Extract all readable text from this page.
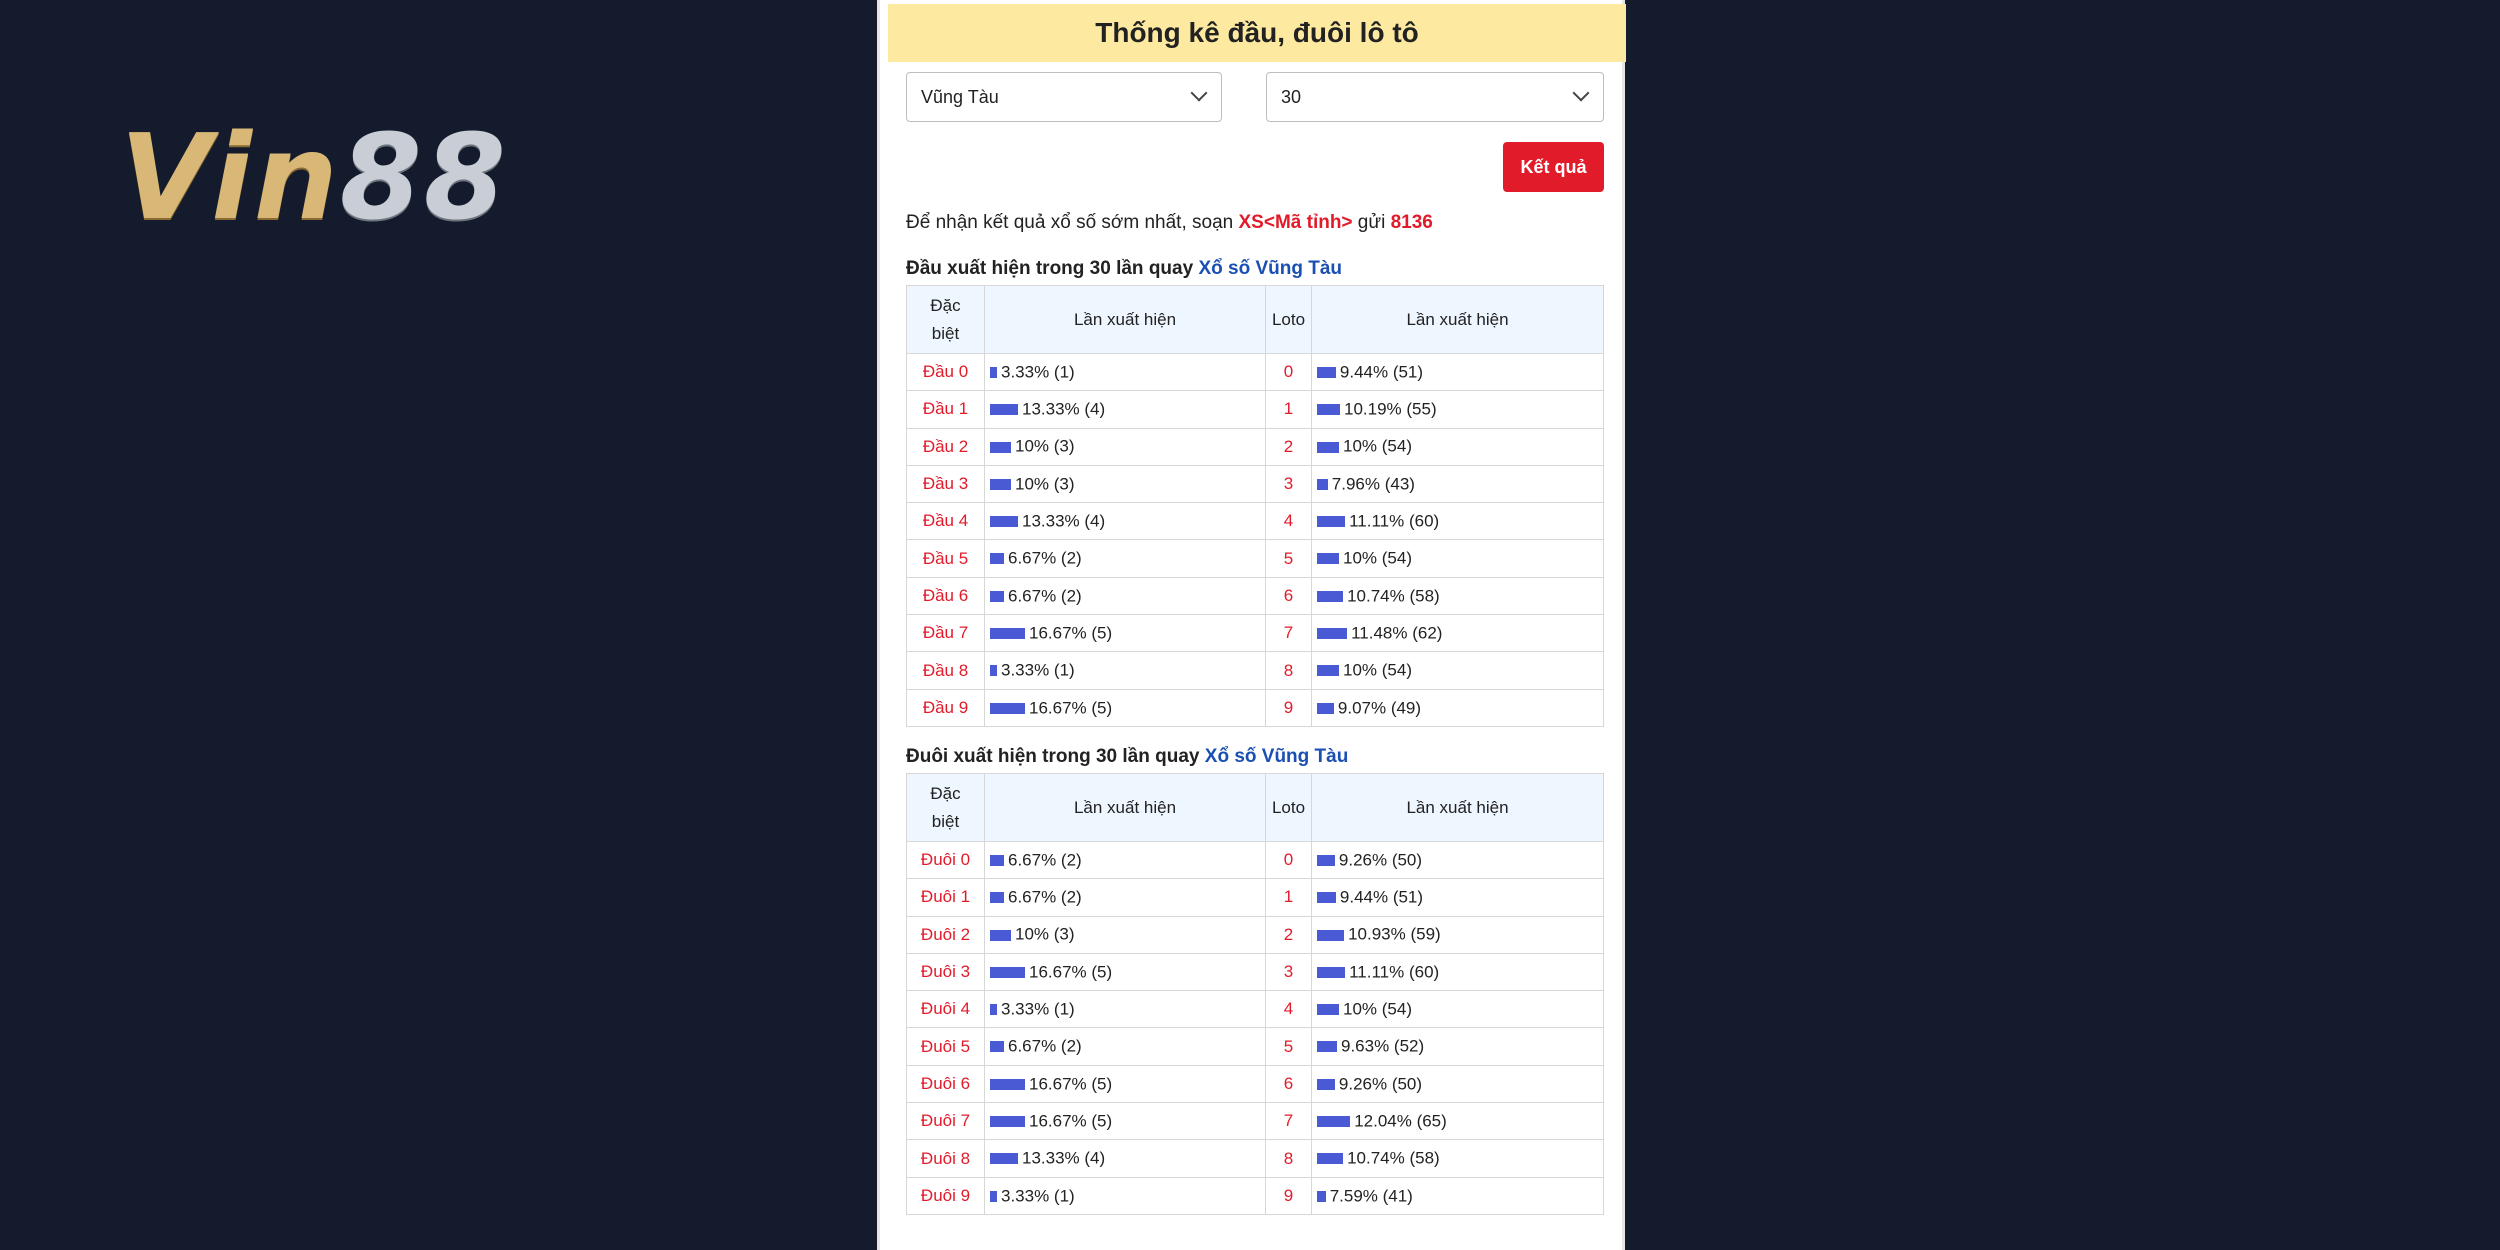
Vin88
Thống kê đầu, đuôi lô tô
Vũng Tàu	30
Kết quả
Để nhận kết quả xổ số sớm nhất, soạn XS<Mã tỉnh> gửi 8136
Đầu xuất hiện trong 30 lần quay Xổ số Vũng Tàu
Đặc biệt	Lần xuất hiện	Loto	Lần xuất hiện
Đầu 0	3.33% (1)	0	9.44% (51)
Đầu 1	13.33% (4)	1	10.19% (55)
Đầu 2	10% (3)	2	10% (54)
Đầu 3	10% (3)	3	7.96% (43)
Đầu 4	13.33% (4)	4	11.11% (60)
Đầu 5	6.67% (2)	5	10% (54)
Đầu 6	6.67% (2)	6	10.74% (58)
Đầu 7	16.67% (5)	7	11.48% (62)
Đầu 8	3.33% (1)	8	10% (54)
Đầu 9	16.67% (5)	9	9.07% (49)
Đuôi xuất hiện trong 30 lần quay Xổ số Vũng Tàu
Đặc biệt	Lần xuất hiện	Loto	Lần xuất hiện
Đuôi 0	6.67% (2)	0	9.26% (50)
Đuôi 1	6.67% (2)	1	9.44% (51)
Đuôi 2	10% (3)	2	10.93% (59)
Đuôi 3	16.67% (5)	3	11.11% (60)
Đuôi 4	3.33% (1)	4	10% (54)
Đuôi 5	6.67% (2)	5	9.63% (52)
Đuôi 6	16.67% (5)	6	9.26% (50)
Đuôi 7	16.67% (5)	7	12.04% (65)
Đuôi 8	13.33% (4)	8	10.74% (58)
Đuôi 9	3.33% (1)	9	7.59% (41)
